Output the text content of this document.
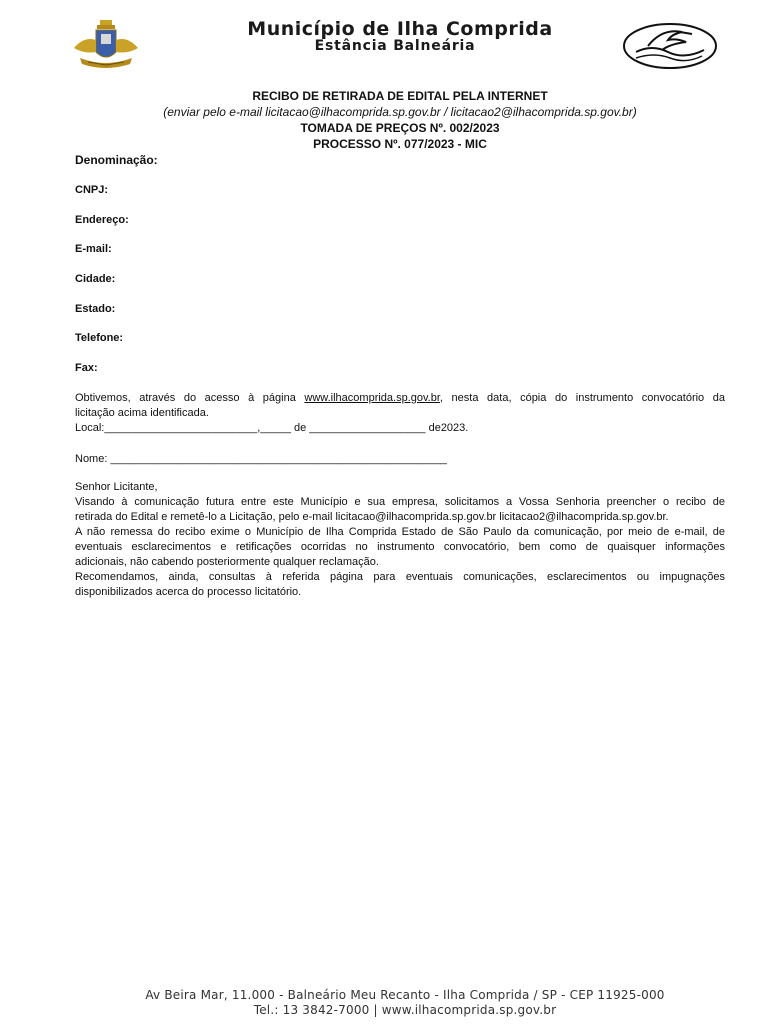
Município de Ilha Comprida
Estância Balneária
RECIBO DE RETIRADA DE EDITAL PELA INTERNET
(enviar pelo e-mail licitacao@ilhacomprida.sp.gov.br / licitacao2@ilhacomprida.sp.gov.br)
TOMADA DE PREÇOS Nº. 002/2023
PROCESSO Nº. 077/2023 - MIC
Denominação:
CNPJ:
Endereço:
E-mail:
Cidade:
Estado:
Telefone:
Fax:
Obtivemos, através do acesso à página www.ilhacomprida.sp.gov.br, nesta data, cópia do instrumento convocatório da
licitação acima identificada.
Local:_________________________,_____ de ___________________ de2023.
Nome: _______________________________________________________
Senhor Licitante,
Visando à comunicação futura entre este Município e sua empresa, solicitamos a Vossa Senhoria preencher o recibo de
retirada do Edital e remetê-lo a Licitação, pelo e-mail licitacao@ilhacomprida.sp.gov.br licitacao2@ilhacomprida.sp.gov.br.
A não remessa do recibo exime o Município de Ilha Comprida Estado de São Paulo da comunicação, por meio de e-mail, de
eventuais esclarecimentos e retificações ocorridas no instrumento convocatório, bem como de quaisquer informações
adicionais, não cabendo posteriormente qualquer reclamação.
Recomendamos, ainda, consultas à referida página para eventuais comunicações, esclarecimentos ou impugnações
disponibilizados acerca do processo licitatório.
Av Beira Mar, 11.000 - Balneário Meu Recanto - Ilha Comprida / SP - CEP 11925-000
Tel.: 13 3842-7000 | www.ilhacomprida.sp.gov.br
